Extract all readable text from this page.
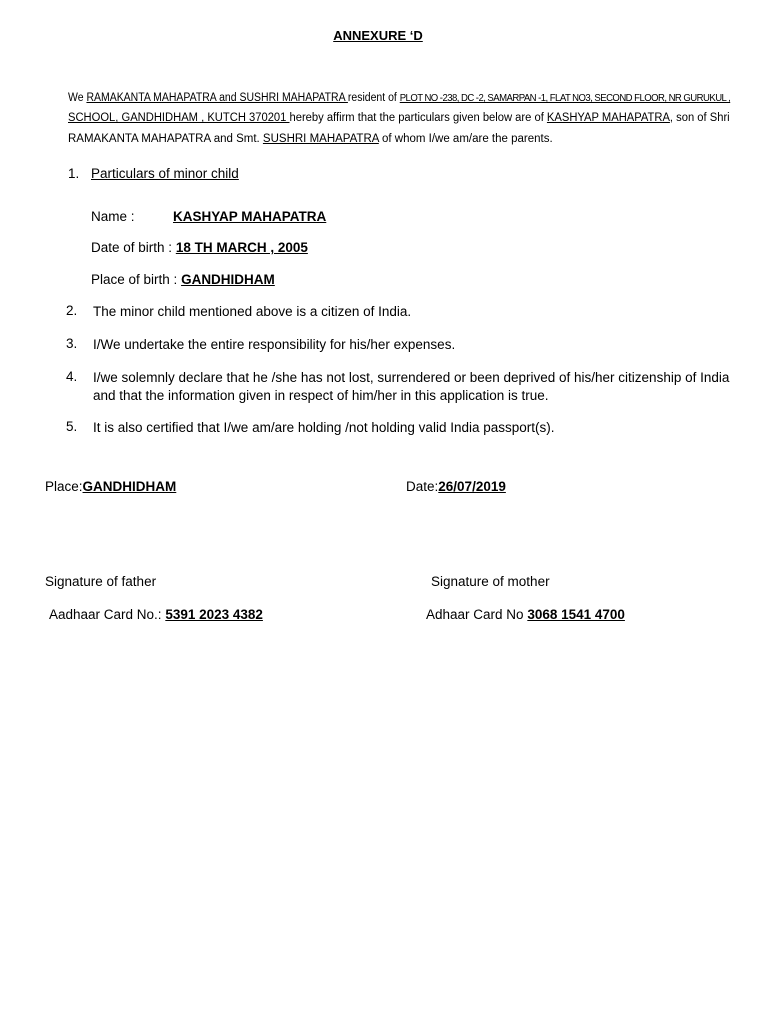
ANNEXURE ‘D
We RAMAKANTA MAHAPATRA and SUSHRI MAHAPATRA resident of PLOT NO -238, DC -2, SAMARPAN -1, FLAT NO3, SECOND FLOOR, NR GURUKUL ,
SCHOOL, GANDHIDHAM , KUTCH 370201 hereby affirm that the particulars given below are of KASHYAP MAHAPATRA, son of Shri
RAMAKANTA MAHAPATRA and Smt. SUSHRI MAHAPATRA of whom I/we am/are the parents.
1. Particulars of minor child
Name :	KASHYAP MAHAPATRA
Date of birth : 18 TH MARCH , 2005
Place of birth : GANDHIDHAM
2. The minor child mentioned above is a citizen of India.
3. I/We undertake the entire responsibility for his/her expenses.
4. I/we solemnly declare that he /she has not lost, surrendered or been deprived of his/her citizenship of India and that the information given in respect of him/her in this application is true.
5. It is also certified that I/we am/are holding /not holding valid India passport(s).
Place:GANDHIDHAM	Date:26/07/2019
Signature of father	Signature of mother
Aadhaar Card No.: 5391 2023 4382	Adhaar Card No 3068 1541 4700
